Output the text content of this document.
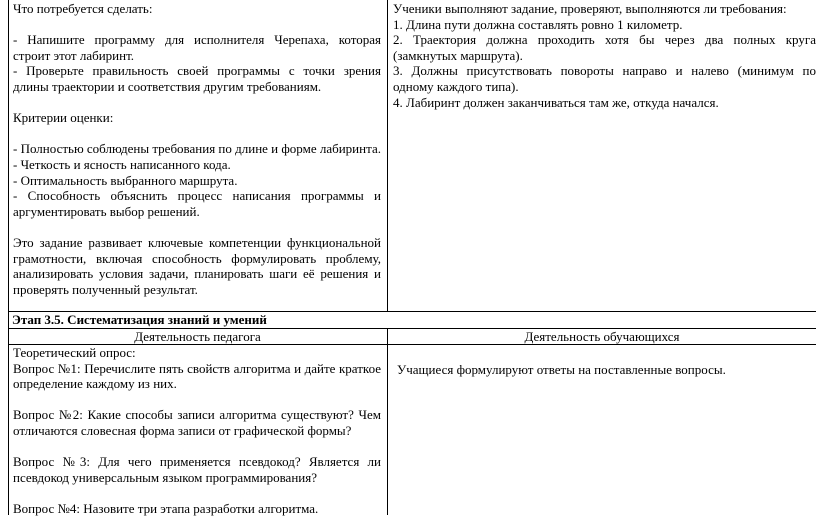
Что потребуется сделать:

- Напишите программу для исполнителя Черепаха, которая строит этот лабиринт.

- Проверьте правильность своей программы с точки зрения длины траектории и соответствия другим требованиям.

Критерии оценки:

- Полностью соблюдены требования по длине и форме лабиринта.

- Четкость и ясность написанного кода.

- Оптимальность выбранного маршрута.

- Способность объяснить процесс написания программы и аргументировать выбор решений.

Это задание развивает ключевые компетенции функциональной грамотности, включая способность формулировать проблему, анализировать условия задачи, планировать шаги её решения и проверять полученный результат.

Ученики выполняют задание, проверяют, выполняются ли требования:

1. Длина пути должна составлять ровно 1 километр.

2. Траектория должна проходить хотя бы через два полных круга (замкнутых маршрута).

3. Должны присутствовать повороты направо и налево (минимум по одному каждого типа).

4. Лабиринт должен заканчиваться там же, откуда начался.

Этап 3.5. Систематизация знаний и умений
Деятельность педагога	Деятельность обучающихся

Теоретический опрос:

Вопрос №1: Перечислите пять свойств алгоритма и дайте краткое определение каждому из них.

Вопрос №2: Какие способы записи алгоритма существуют? Чем отличаются словесная форма записи от графической формы?

Вопрос №3: Для чего применяется псевдокод? Является ли псевдокод универсальным языком программирования?

Вопрос №4: Назовите три этапа разработки алгоритма.

Учащиеся формулируют ответы на поставленные вопросы.
